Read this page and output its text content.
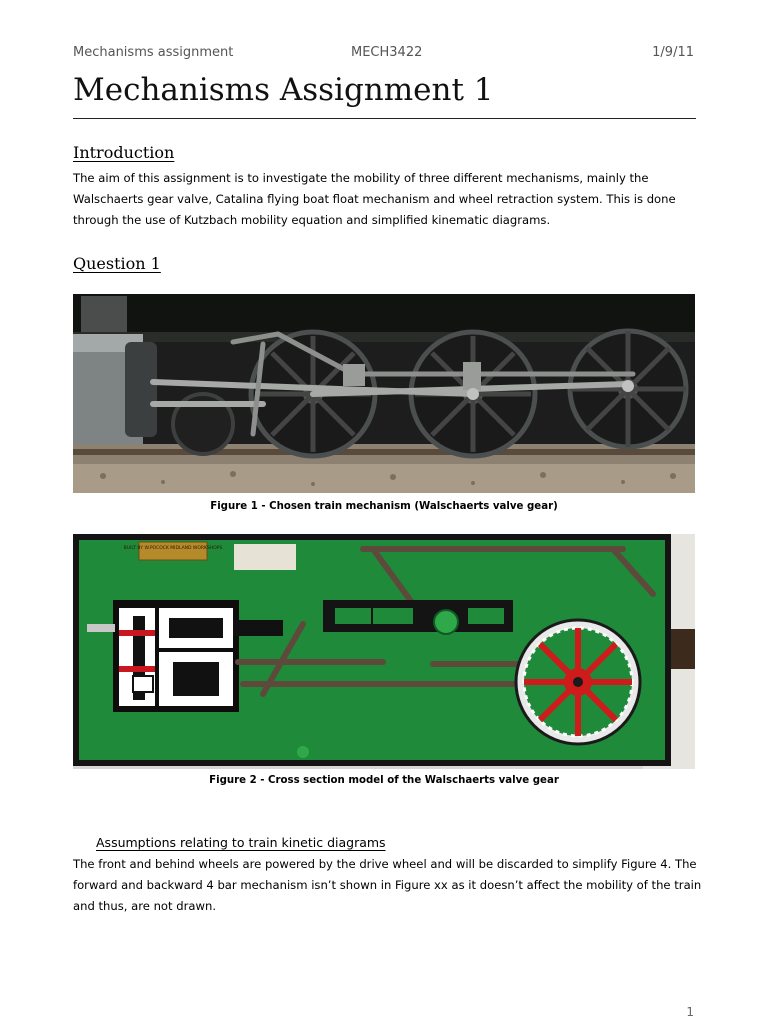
Mechanisms assignment	MECH3422	1/9/11
Mechanisms Assignment 1
Introduction

The aim of this assignment is to investigate the mobility of three different mechanisms, mainly the Walschaerts gear valve, Catalina flying boat float mechanism and wheel retraction system. This is done through the use of Kutzbach mobility equation and simplified kinematic diagrams.

Question 1
Figure 1 - Chosen train mechanism (Walschaerts valve gear)
BUILT BY W.POCOCK MIDLAND WORKSHOPS
Figure 2 - Cross section model of the Walschaerts valve gear
Assumptions relating to train kinetic diagrams

The front and behind wheels are powered by the drive wheel and will be discarded to simplify Figure 4. The forward and backward 4 bar mechanism isn’t shown in Figure xx as it doesn’t affect the mobility of the train and thus, are not drawn.

1
